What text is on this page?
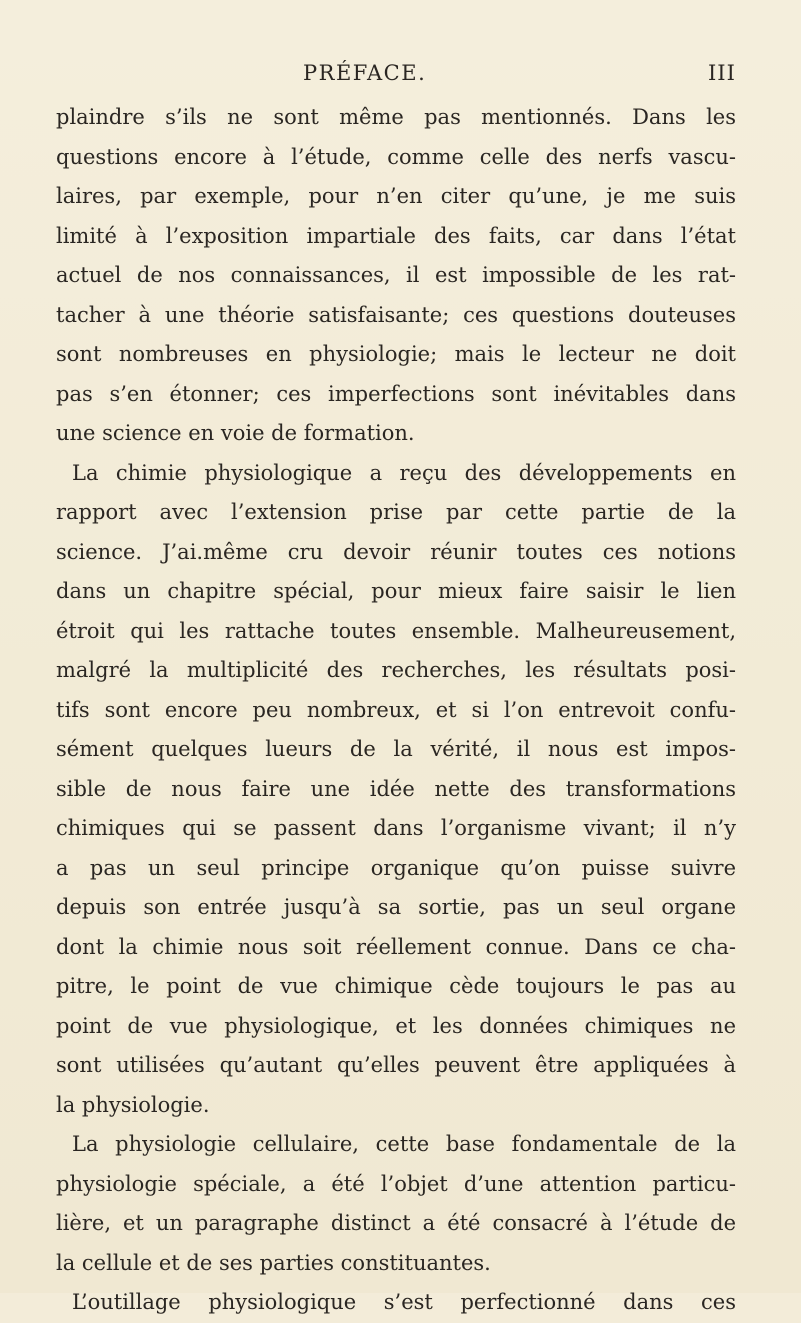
PRÉFACE.	III
plaindre s’ils ne sont même pas mentionnés. Dans les
questions encore à l’étude, comme celle des nerfs vascu-
laires, par exemple, pour n’en citer qu’une, je me suis
limité à l’exposition impartiale des faits, car dans l’état
actuel de nos connaissances, il est impossible de les rat-
tacher à une théorie satisfaisante; ces questions douteuses
sont nombreuses en physiologie; mais le lecteur ne doit
pas s’en étonner; ces imperfections sont inévitables dans
une science en voie de formation.
La chimie physiologique a reçu des développements en
rapport avec l’extension prise par cette partie de la
science. J’ai.même cru devoir réunir toutes ces notions
dans un chapitre spécial, pour mieux faire saisir le lien
étroit qui les rattache toutes ensemble. Malheureusement,
malgré la multiplicité des recherches, les résultats posi-
tifs sont encore peu nombreux, et si l’on entrevoit confu-
sément quelques lueurs de la vérité, il nous est impos-
sible de nous faire une idée nette des transformations
chimiques qui se passent dans l’organisme vivant; il n’y
a pas un seul principe organique qu’on puisse suivre
depuis son entrée jusqu’à sa sortie, pas un seul organe
dont la chimie nous soit réellement connue. Dans ce cha-
pitre, le point de vue chimique cède toujours le pas au
point de vue physiologique, et les données chimiques ne
sont utilisées qu’autant qu’elles peuvent être appliquées à
la physiologie.
La physiologie cellulaire, cette base fondamentale de la
physiologie spéciale, a été l’objet d’une attention particu-
lière, et un paragraphe distinct a été consacré à l’étude de
la cellule et de ses parties constituantes.
L’outillage physiologique s’est perfectionné dans ces
